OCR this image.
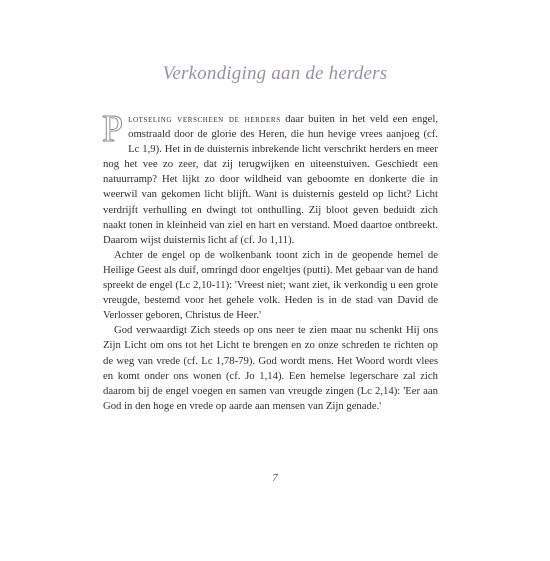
Verkondiging aan de herders

Plotseling verscheen de herders daar buiten in het veld een engel, omstraald door de glorie des Heren, die hun hevige vrees aanjoeg (cf. Lc 1,9). Het in de duisternis inbrekende licht verschrikt herders en meer nog het vee zo zeer, dat zij terugwijken en uiteenstuiven. Geschiedt een natuurramp? Het lijkt zo door wildheid van geboomte en donkerte die in weerwil van gekomen licht blijft. Want is duisternis gesteld op licht? Licht verdrijft verhulling en dwingt tot onthulling. Zij bloot geven beduidt zich naakt tonen in kleinheid van ziel en hart en verstand. Moed daartoe ontbreekt. Daarom wijst duisternis licht af (cf. Jo 1,11).

Achter de engel op de wolkenbank toont zich in de geopende hemel de Heilige Geest als duif, omringd door engeltjes (putti). Met gebaar van de hand spreekt de engel (Lc 2,10-11): 'Vreest niet; want ziet, ik verkondig u een grote vreugde, bestemd voor het gehele volk. Heden is in de stad van David de Verlosser geboren, Christus de Heer.'

God verwaardigt Zich steeds op ons neer te zien maar nu schenkt Hij ons Zijn Licht om ons tot het Licht te brengen en zo onze schreden te richten op de weg van vrede (cf. Lc 1,78-79). God wordt mens. Het Woord wordt vlees en komt onder ons wonen (cf. Jo 1,14). Een hemelse legerschare zal zich daarom bij de engel voegen en samen van vreugde zingen (Lc 2,14): 'Eer aan God in den hoge en vrede op aarde aan mensen van Zijn genade.'

7
